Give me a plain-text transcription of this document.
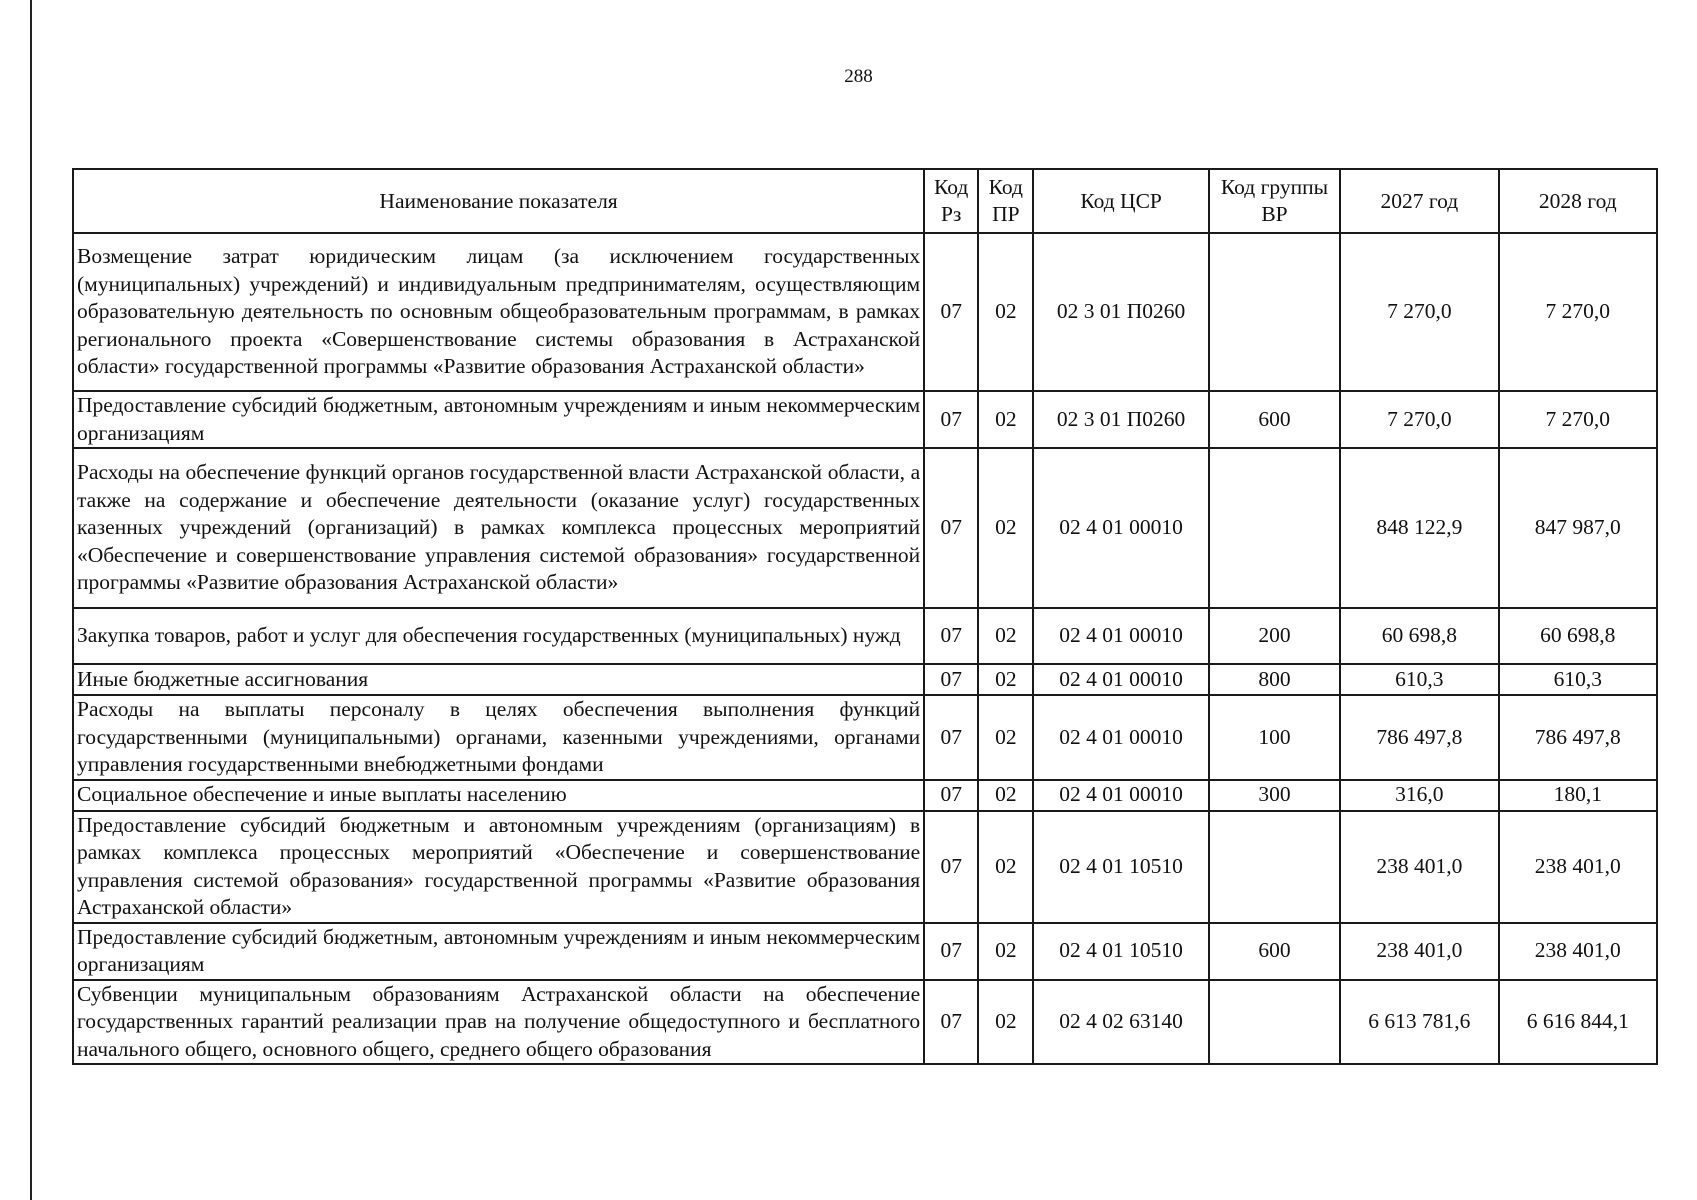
288
Наименование показателя	Код Рз	Код ПР	Код ЦСР	Код группы ВР	2027 год	2028 год
Возмещение затрат юридическим лицам (за исключением государственных (муниципальных) учреждений) и индивидуальным предпринимателям, осуществляющим образовательную деятельность по основным общеобразовательным программам, в рамках регионального проекта «Совершенствование системы образования в Астраханской области» государственной программы «Развитие образования Астраханской области»	07	02	02 3 01 П0260		7 270,0	7 270,0
Предоставление субсидий бюджетным, автономным учреждениям и иным некоммерческим организациям	07	02	02 3 01 П0260	600	7 270,0	7 270,0
Расходы на обеспечение функций органов государственной власти Астраханской области, а также на содержание и обеспечение деятельности (оказание услуг) государственных казенных учреждений (организаций) в рамках комплекса процессных мероприятий «Обеспечение и совершенствование управления системой образования» государственной программы «Развитие образования Астраханской области»	07	02	02 4 01 00010		848 122,9	847 987,0
Закупка товаров, работ и услуг для обеспечения государственных (муниципальных) нужд	07	02	02 4 01 00010	200	60 698,8	60 698,8
Иные бюджетные ассигнования	07	02	02 4 01 00010	800	610,3	610,3
Расходы на выплаты персоналу в целях обеспечения выполнения функций государственными (муниципальными) органами, казенными учреждениями, органами управления государственными внебюджетными фондами	07	02	02 4 01 00010	100	786 497,8	786 497,8
Социальное обеспечение и иные выплаты населению	07	02	02 4 01 00010	300	316,0	180,1
Предоставление субсидий бюджетным и автономным учреждениям (организациям) в рамках комплекса процессных мероприятий «Обеспечение и совершенствование управления системой образования» государственной программы «Развитие образования Астраханской области»	07	02	02 4 01 10510		238 401,0	238 401,0
Предоставление субсидий бюджетным, автономным учреждениям и иным некоммерческим организациям	07	02	02 4 01 10510	600	238 401,0	238 401,0
Субвенции муниципальным образованиям Астраханской области на обеспечение государственных гарантий реализации прав на получение общедоступного и бесплатного начального общего, основного общего, среднего общего образования	07	02	02 4 02 63140		6 613 781,6	6 616 844,1
